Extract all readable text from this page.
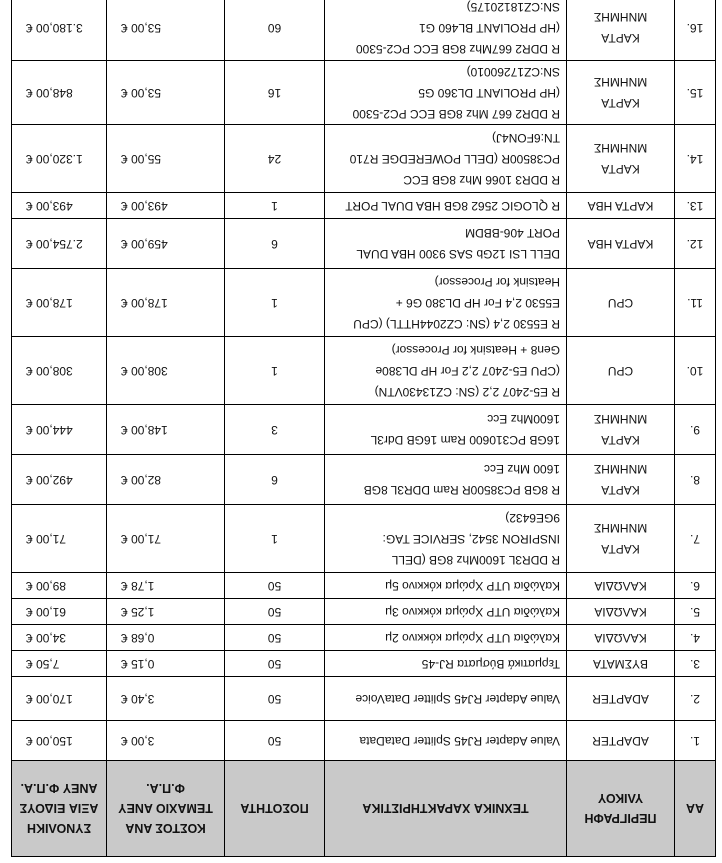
ΑΑ	ΠΕΡΙΓΡΑΦΗ ΥΛΙΚΟΥ	ΤΕΧΝΙΚΑ ΧΑΡΑΚΤΗΡΙΣΤΙΚΑ	ΠΟΣΟΤΗΤΑ	ΚΟΣΤΟΣ ΑΝΑ ΤΕΜΑΧΙΟ ΑΝΕΥ Φ.Π.Α.	ΣΥΝΟΛΙΚΗ ΑΞΙΑ ΕΙΔΟΥΣ ΑΝΕΥ Φ.Π.Α.
1.	ADAPTER	Value Adapter RJ45 Splitter DataData	50	3,00 €	150,00 €
2.	ADAPTER	Value Adapter RJ45 Splitter DataVoice	50	3,40 €	170,00 €
3.	ΒΥΣΜΑΤΑ	Τερματικά Βύσματα RJ-45	50	0,15 €	7,50 €
4.	ΚΑΛΩΔΙΑ	Καλώδια UTP Χρώμα κόκκινο 2μ	50	0,68 €	34,00 €
5.	ΚΑΛΩΔΙΑ	Καλώδια UTP Χρώμα κόκκινο 3μ	50	1,25 €	61,00 €
6.	ΚΑΛΩΔΙΑ	Καλώδια UTP Χρώμα κόκκινο 5μ	50	1,78 €	89,00 €
7.	ΚΑΡΤΑ
ΜΝΗΜΗΣ	R DDR3L 1600Mhz 8GB (DELL
INSPIRON 3542, SERVICE TAG:
9GE6432)	1	71,00 €	71,00 €
8.	ΚΑΡΤΑ
ΜΝΗΜΗΣ	R 8GB PC38500R Ram DDR3L 8GB
1600 Mhz Ecc	6	82,00 €	492,00 €
9.	ΚΑΡΤΑ
ΜΝΗΜΗΣ	16GB PC310600 Ram 16GB Ddr3L
1600Mhz Ecc	3	148,00 €	444,00 €
10.	CPU	R E5-2407 2,2 (SN: CZ13430VTN)
(CPU E5-2407 2,2 For HP DL380e
Gen8 + Heatsink for Processor)	1	308,00 €	308,00 €
11.	CPU	R E5530 2,4 (SN: CZ2044HTTL) (CPU
E5530 2,4 For HP DL380 G6 +
Heatsink for Processor)	1	178,00 €	178,00 €
12.	ΚΑΡΤΑ HBA	DELL LSI 12Gb SAS 9300 HBA DUAL
PORT 406-BBDM	6	459,00 €	2.754,00 €
13.	ΚΑΡΤΑ HBA	R QLOGIC 2562 8GB HBA DUAL PORT	1	493,00 €	493,00 €
14.	ΚΑΡΤΑ
ΜΝΗΜΗΣ	R DDR3 1066 Mhz 8GB ECC
PC38500R (DELL POWEREDGE R710
TN:6FON4J)	24	55,00 €	1.320,00 €
15.	ΚΑΡΤΑ
ΜΝΗΜΗΣ	R DDR2 667 Mhz 8GB ECC PC2-5300
(HP PROLIANT DL360 G5
SN:CZ17260010)	16	53,00 €	848,00 €
16.	ΚΑΡΤΑ
ΜΝΗΜΗΣ	R DDR2 667Mhz 8GB ECC PC2-5300
(HP PROLIANT BL460 G1
SN:CZ18120175)	60	53,00 €	3.180,00 €
